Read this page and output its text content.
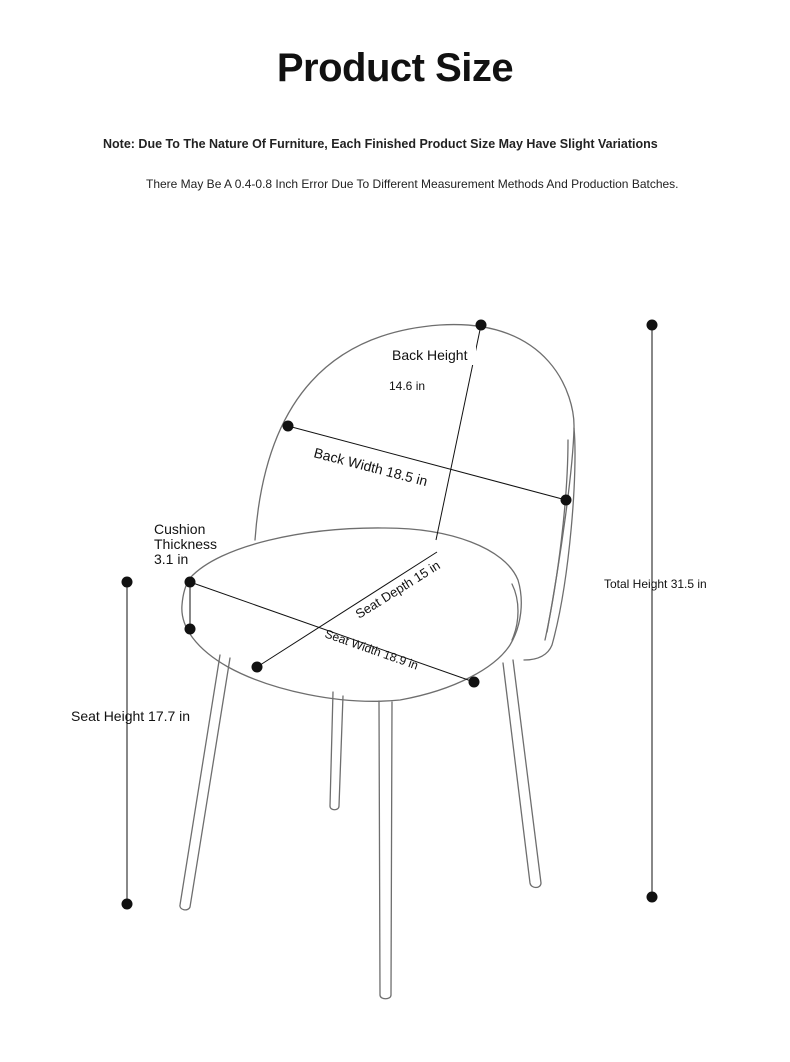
Product Size
Note: Due To The Nature Of Furniture, Each Finished Product Size May Have Slight Variations
There May Be A 0.4-0.8 Inch Error Due To Different Measurement Methods And Production Batches.
Back Height
14.6 in
Back Width 18.5 in
Seat Depth 15 in
Seat Width 18.9 in
Cushion
Thickness
3.1 in
Seat Height 17.7 in
Total Height 31.5 in
